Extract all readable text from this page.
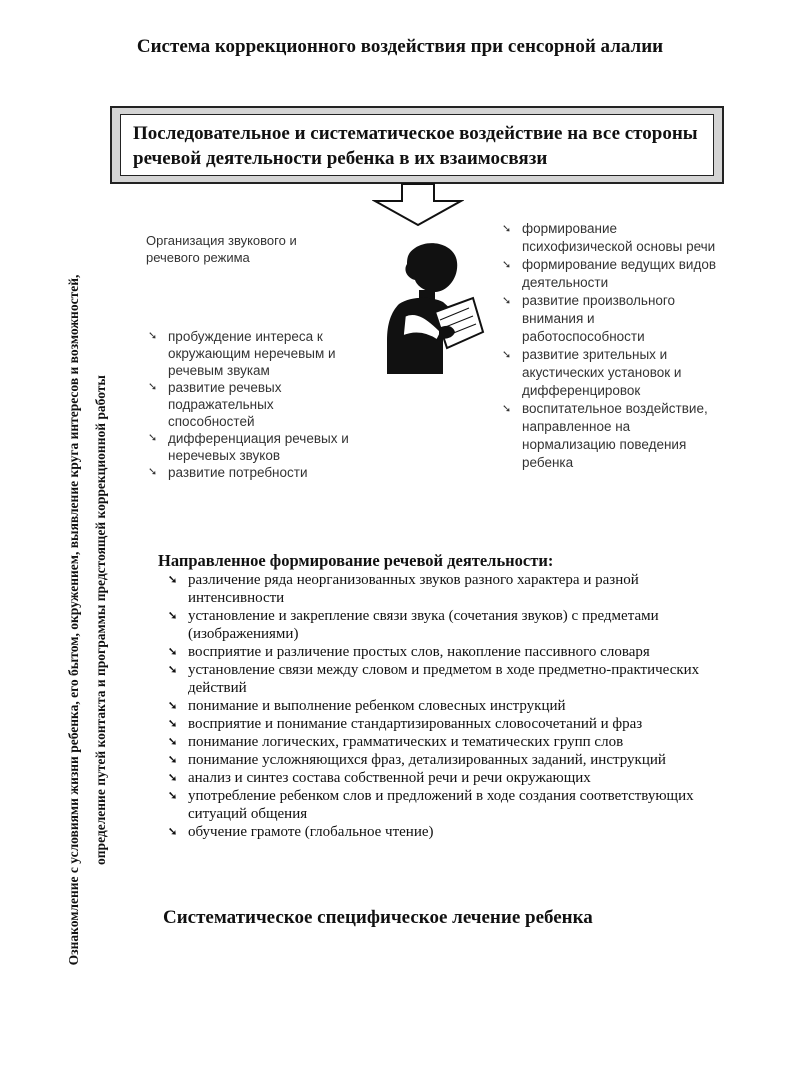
Система коррекционного воздействия при сенсорной алалии
Последовательное и систематическое воздействие на все стороны речевой деятельности ребенка в их взаимосвязи
Организация звукового и речевого режима
➘ пробуждение интереса к окружающим неречевым и речевым звукам
➘ развитие речевых подражательных способностей
➘ дифференциация речевых и неречевых звуков
➘ развитие потребности
➘ формирование психофизической основы речи
➘ формирование ведущих видов деятельности
➘ развитие произвольного внимания и работоспособности
➘ развитие зрительных и акустических установок и дифференцировок
➘ воспитательное воздействие, направленное на нормализацию поведения ребенка
Ознакомление с условиями жизни ребенка, его бытом, окружением, выявление круга интересов и возможностей, определение путей контакта и программы предстоящей коррекционной работы	Направленное формирование речевой деятельности:
➘ различение ряда неорганизованных звуков разного характера и разной интенсивности
➘ установление и закрепление связи звука (сочетания звуков) с предметами (изображениями)
➘ восприятие и различение простых слов, накопление пассивного словаря
➘ установление связи между словом и предметом в ходе предметно-практических действий
➘ понимание и выполнение ребенком словесных инструкций
➘ восприятие и понимание стандартизированных словосочетаний и фраз
➘ понимание логических, грамматических и тематических групп слов
➘ понимание усложняющихся фраз, детализированных заданий, инструкций
➘ анализ и синтез состава собственной речи и речи окружающих
➘ употребление ребенком слов и предложений в ходе создания соответствующих ситуаций общения
➘ обучение грамоте (глобальное чтение)
Систематическое специфическое лечение ребенка
